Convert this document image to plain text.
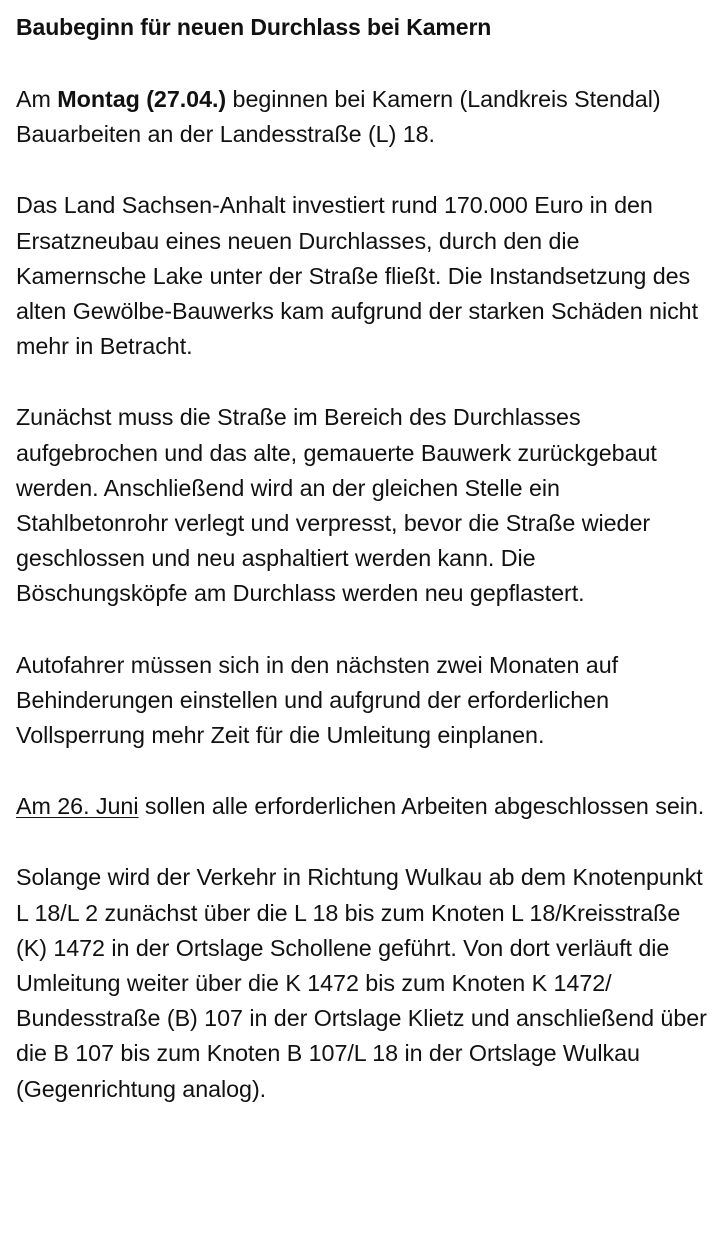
Baubeginn für neuen Durchlass bei Kamern

Am Montag (27.04.) beginnen bei Kamern (Landkreis Stendal) Bauarbeiten an der Landesstraße (L) 18.

Das Land Sachsen-Anhalt investiert rund 170.000 Euro in den Ersatzneubau eines neuen Durchlasses, durch den die Kamernsche Lake unter der Straße fließt. Die Instandsetzung des alten Gewölbe-Bauwerks kam aufgrund der starken Schäden nicht mehr in Betracht.

Zunächst muss die Straße im Bereich des Durchlasses aufgebrochen und das alte, gemauerte Bauwerk zurückgebaut werden. Anschließend wird an der gleichen Stelle ein Stahlbetonrohr verlegt und verpresst, bevor die Straße wieder geschlossen und neu asphaltiert werden kann. Die Böschungsköpfe am Durchlass werden neu gepflastert.

Autofahrer müssen sich in den nächsten zwei Monaten auf Behinderungen einstellen und aufgrund der erforderlichen Vollsperrung mehr Zeit für die Umleitung einplanen.

Am 26. Juni sollen alle erforderlichen Arbeiten abgeschlossen sein.

Solange wird der Verkehr in Richtung Wulkau ab dem Knotenpunkt L 18/L 2 zunächst über die L 18 bis zum Knoten L 18/Kreisstraße (K) 1472 in der Ortslage Schollene geführt. Von dort verläuft die Umleitung weiter über die K 1472 bis zum Knoten K 1472/ Bundesstraße (B) 107 in der Ortslage Klietz und anschließend über die B 107 bis zum Knoten B 107/L 18 in der Ortslage Wulkau (Gegenrichtung analog).
